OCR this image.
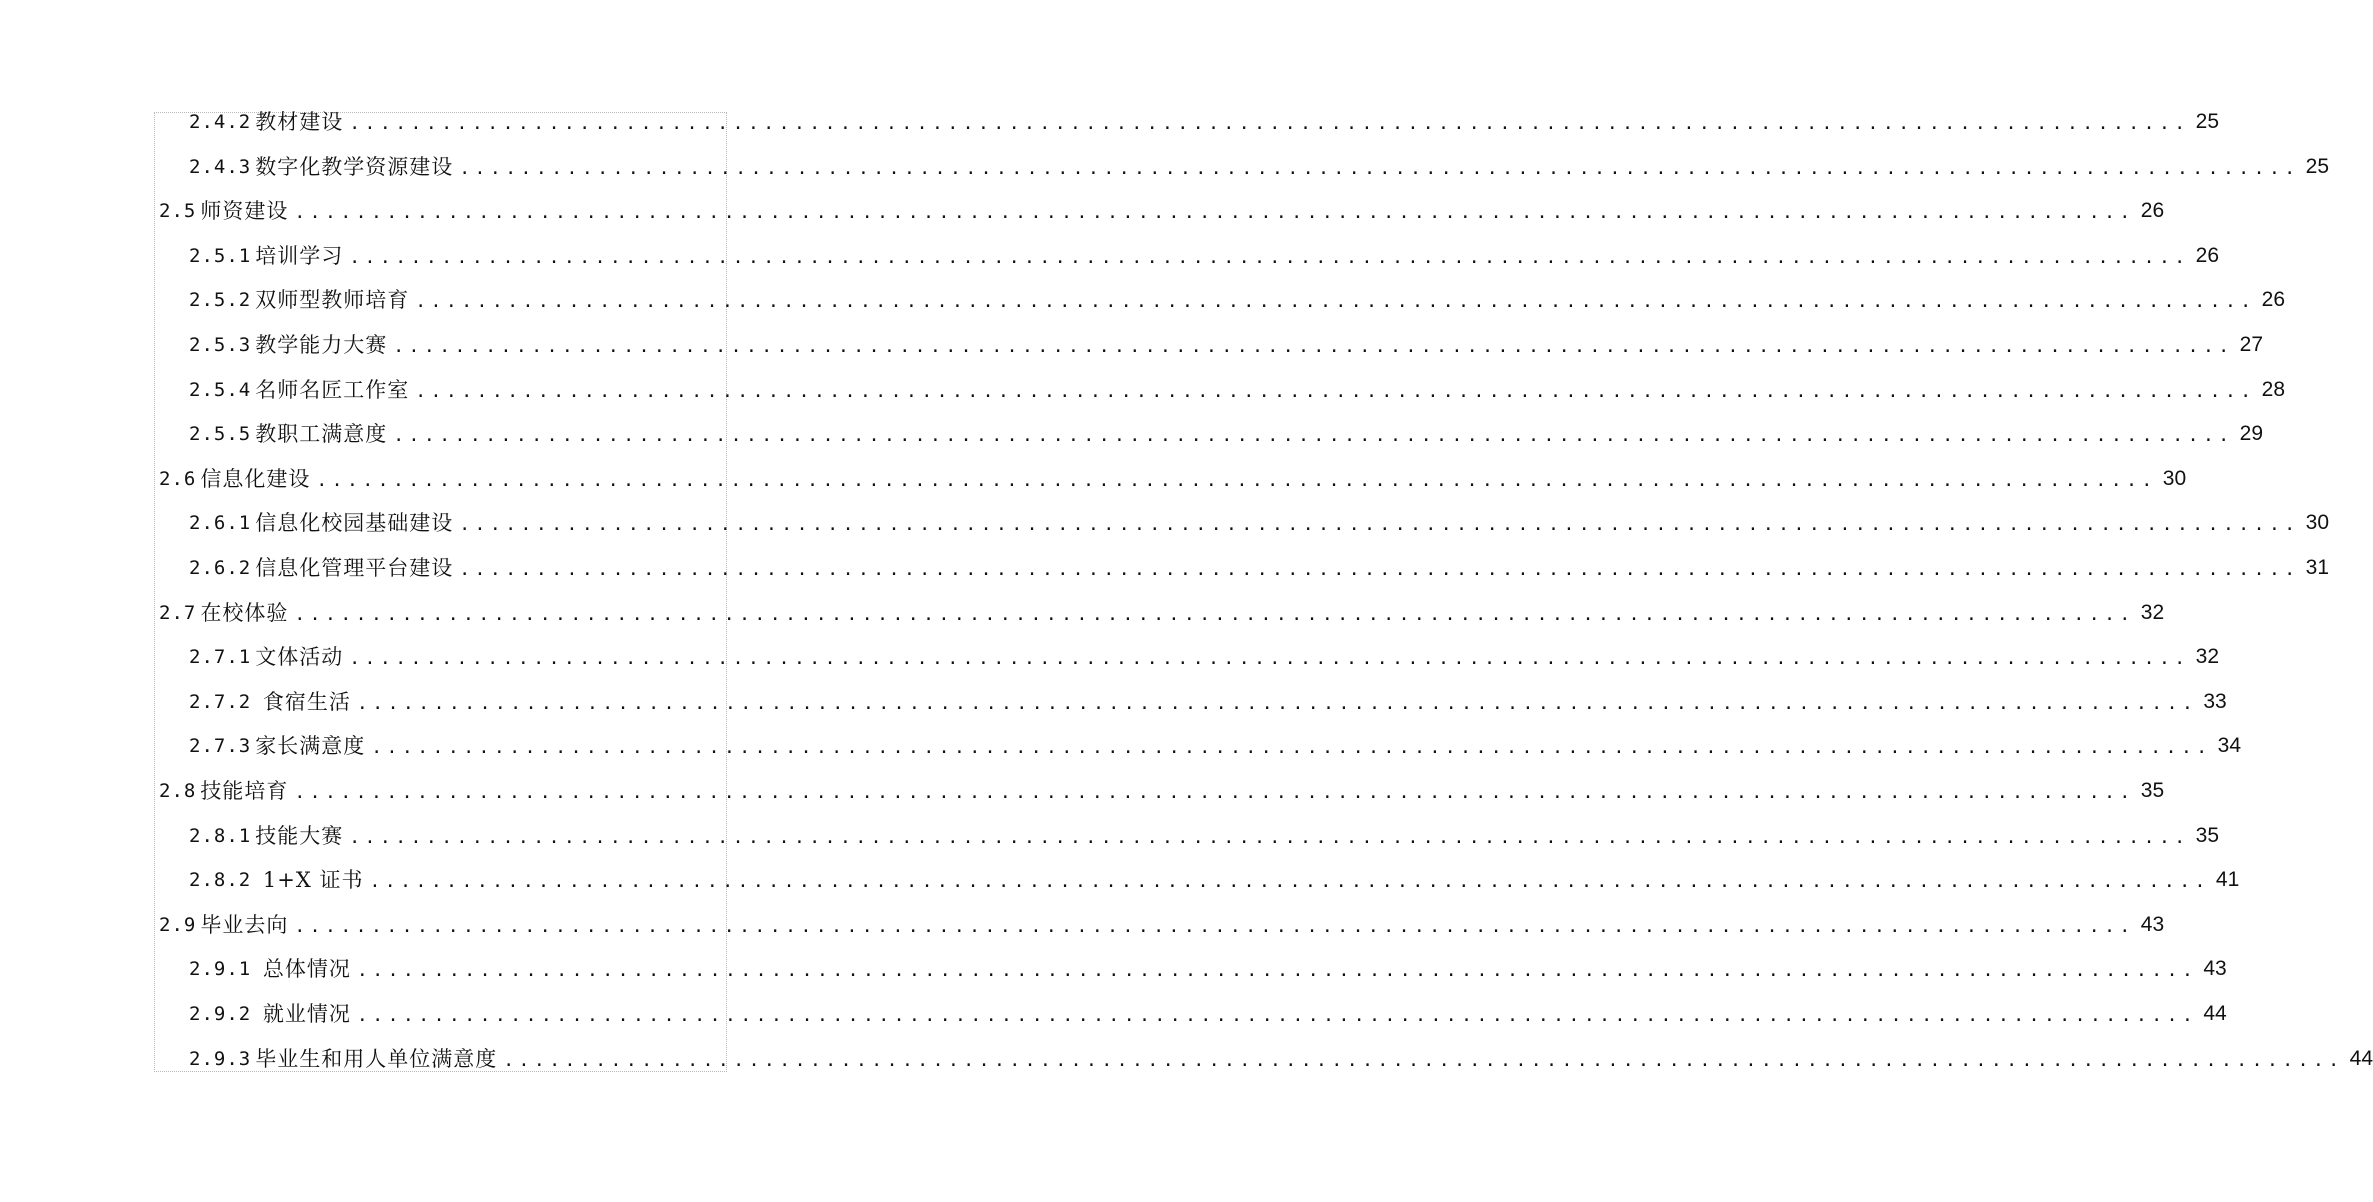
2.4.2 教材建设 ........................................................................................................................ 25
2.4.3 数字化教学资源建设 ........................................................................................................................ 25
2.5 师资建设 ........................................................................................................................ 26
2.5.1 培训学习 ........................................................................................................................ 26
2.5.2 双师型教师培育 ........................................................................................................................ 26
2.5.3 教学能力大赛 ........................................................................................................................ 27
2.5.4 名师名匠工作室 ........................................................................................................................ 28
2.5.5 教职工满意度 ........................................................................................................................ 29
2.6 信息化建设 ........................................................................................................................ 30
2.6.1 信息化校园基础建设 ........................................................................................................................ 30
2.6.2 信息化管理平台建设 ........................................................................................................................ 31
2.7 在校体验 ........................................................................................................................ 32
2.7.1 文体活动 ........................................................................................................................ 32
2.7.2 食宿生活 ........................................................................................................................ 33
2.7.3 家长满意度 ........................................................................................................................ 34
2.8 技能培育 ........................................................................................................................ 35
2.8.1 技能大赛 ........................................................................................................................ 35
2.8.2 1+X 证书 ........................................................................................................................ 41
2.9 毕业去向 ........................................................................................................................ 43
2.9.1 总体情况 ........................................................................................................................ 43
2.9.2 就业情况 ........................................................................................................................ 44
2.9.3 毕业生和用人单位满意度 ........................................................................................................................ 44
